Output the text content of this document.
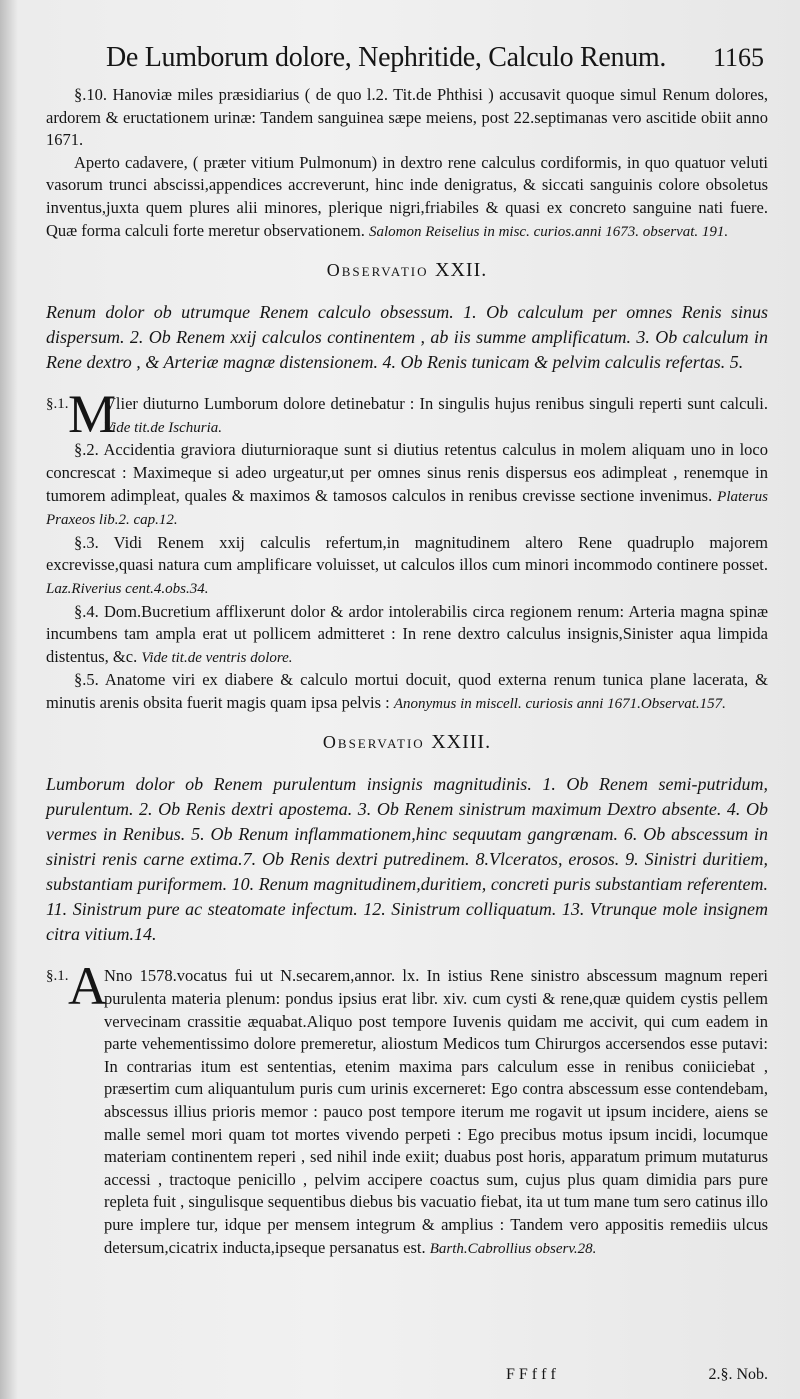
De Lumborum dolore, Nephritide, Calculo Renum. 1165

§.10. Hanoviæ miles præsidiarius ( de quo l.2. Tit.de Phthisi ) accusavit quoque simul Renum dolores, ardorem & eructationem urinæ: Tandem sanguinea sæpe meiens, post 22.septimanas vero ascitide obiit anno 1671.

Aperto cadavere, ( præter vitium Pulmonum) in dextro rene calculus cordiformis, in quo quatuor veluti vasorum trunci abscissi,appendices accreverunt, hinc inde denigratus, & siccati sanguinis colore obsoletus inventus,juxta quem plures alii minores, plerique nigri,friabiles & quasi ex concreto sanguine nati fuere. Quæ forma calculi forte meretur observationem. Salomon Reiselius in misc. curios.anni 1673. observat. 191.

Observatio XXII.

Renum dolor ob utrumque Renem calculo obsessum. 1. Ob calculum per omnes Renis sinus dispersum. 2. Ob Renem xxij calculos continentem , ab iis summe amplificatum. 3. Ob calculum in Rene dextro , & Arteriæ magnæ distensionem. 4. Ob Renis tunicam & pelvim calculis refertas. 5.

§.1. M
Vlier diuturno Lumborum dolore detinebatur : In singulis hujus renibus singuli reperti sunt calculi. Vide tit.de Ischuria.

§.2. Accidentia graviora diuturnioraque sunt si diutius retentus calculus in molem aliquam uno in loco concrescat : Maximeque si adeo urgeatur,ut per omnes sinus renis dispersus eos adimpleat , renemque in tumorem adimpleat, quales & maximos & tamosos calculos in renibus crevisse sectione invenimus. Platerus Praxeos lib.2. cap.12.

§.3. Vidi Renem xxij calculis refertum,in magnitudinem altero Rene quadruplo majorem excrevisse,quasi natura cum amplificare voluisset, ut calculos illos cum minori incommodo continere posset. Laz.Riverius cent.4.obs.34.

§.4. Dom.Bucretium afflixerunt dolor & ardor intolerabilis circa regionem renum: Arteria magna spinæ incumbens tam ampla erat ut pollicem admitteret : In rene dextro calculus insignis,Sinister aqua limpida distentus, &c. Vide tit.de ventris dolore.

§.5. Anatome viri ex diabere & calculo mortui docuit, quod externa renum tunica plane lacerata, & minutis arenis obsita fuerit magis quam ipsa pelvis : Anonymus in miscell. curiosis anni 1671.Observat.157.

Observatio XXIII.

Lumborum dolor ob Renem purulentum insignis magnitudinis. 1. Ob Renem semi-putridum, purulentum. 2. Ob Renis dextri apostema. 3. Ob Renem sinistrum maximum Dextro absente. 4. Ob vermes in Renibus. 5. Ob Renum inflammationem,hinc sequutam gangrænam. 6. Ob abscessum in sinistri renis carne extima.7. Ob Renis dextri putredinem. 8.Vlceratos, erosos. 9. Sinistri duritiem, substantiam puriformem. 10. Renum magnitudinem,duritiem, concreti puris substantiam referentem. 11. Sinistrum pure ac steatomate infectum. 12. Sinistrum colliquatum. 13. Vtrunque mole insignem citra vitium.14.

§.1. A
Nno 1578.vocatus fui ut N.secarem,annor. lx. In istius Rene sinistro abscessum magnum reperi purulenta materia plenum: pondus ipsius erat libr. xiv. cum cysti & rene,quæ quidem cystis pellem vervecinam crassitie æquabat.Aliquo post tempore Iuvenis quidam me accivit, qui cum eadem in parte vehementissimo dolore premeretur, aliostum Medicos tum Chirurgos accersendos esse putavi: In contrarias itum est sententias, etenim maxima pars calculum esse in renibus coniiciebat , præsertim cum aliquantulum puris cum urinis excerneret: Ego contra abscessum esse contendebam, abscessus illius prioris memor : pauco post tempore iterum me rogavit ut ipsum incidere, aiens se malle semel mori quam tot mortes vivendo perpeti : Ego precibus motus ipsum incidi, locumque materiam continentem reperi , sed nihil inde exiit; duabus post horis, apparatum primum mutaturus accessi , tractoque penicillo , pelvim accipere coactus sum, cujus plus quam dimidia pars pure repleta fuit , singulisque sequentibus diebus bis vacuatio fiebat, ita ut tum mane tum sero catinus illo pure implere tur, idque per mensem integrum & amplius : Tandem vero appositis remediis ulcus detersum,cicatrix inducta,ipseque persanatus est. Barth.Cabrollius observ.28.

F F f f f	2.§. Nob.
